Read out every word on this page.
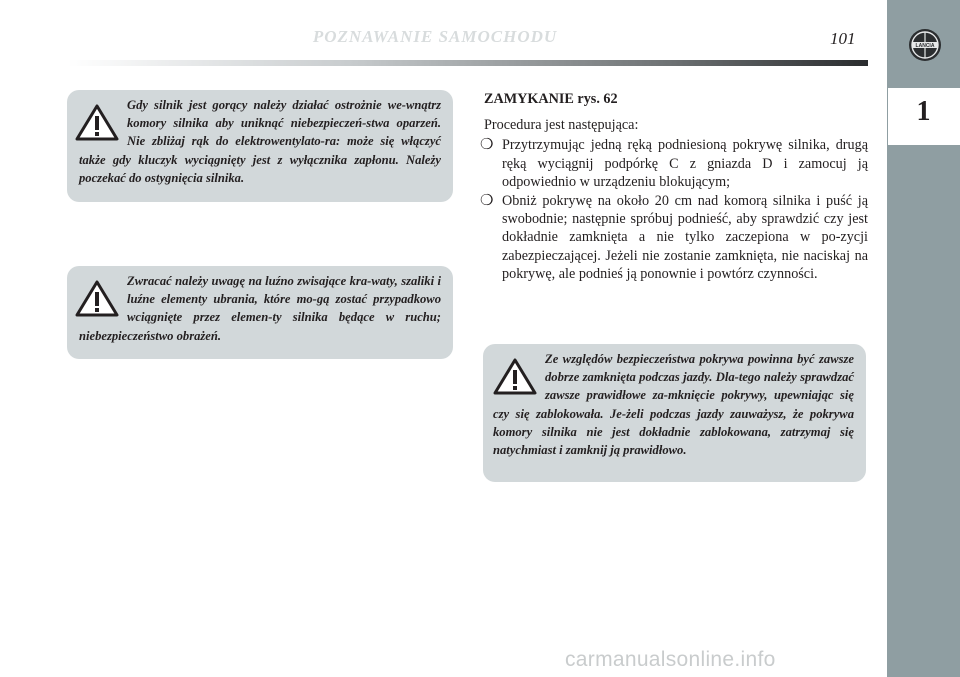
POZNAWANIE SAMOCHODU	101
1
LANCIA

Gdy silnik jest gorący należy działać ostrożnie we-wnątrz komory silnika aby uniknąć niebezpieczeń-stwa oparzeń. Nie zbliżaj rąk do elektrowentylato-ra: może się włączyć także gdy kluczyk wyciągnięty jest z wyłącznika zapłonu. Należy poczekać do ostygnięcia silnika.

Zwracać należy uwagę na luźno zwisające kra-waty, szaliki i luźne elementy ubrania, które mo-gą zostać przypadkowo wciągnięte przez elemen-ty silnika będące w ruchu; niebezpieczeństwo obrażeń.

ZAMYKANIE rys. 62
Procedura jest następująca:
❍ Przytrzymując jedną ręką podniesioną pokrywę silnika, drugą ręką wyciągnij podpórkę C z gniazda D i zamocuj ją odpowiednio w urządzeniu blokującym;
❍ Obniż pokrywę na około 20 cm nad komorą silnika i puść ją swobodnie; następnie spróbuj podnieść, aby sprawdzić czy jest dokładnie zamknięta a nie tylko zaczepiona w po-zycji zabezpieczającej. Jeżeli nie zostanie zamknięta, nie naciskaj na pokrywę, ale podnieś ją ponownie i powtórz czynności.

Ze względów bezpieczeństwa pokrywa powinna być zawsze dobrze zamknięta podczas jazdy. Dla-tego należy sprawdzać zawsze prawidłowe za-mknięcie pokrywy, upewniając się czy się zablokowała. Je-żeli podczas jazdy zauważysz, że pokrywa komory silnika nie jest dokładnie zablokowana, zatrzymaj się natychmiast i zamknij ją prawidłowo.

carmanualsonline.info
